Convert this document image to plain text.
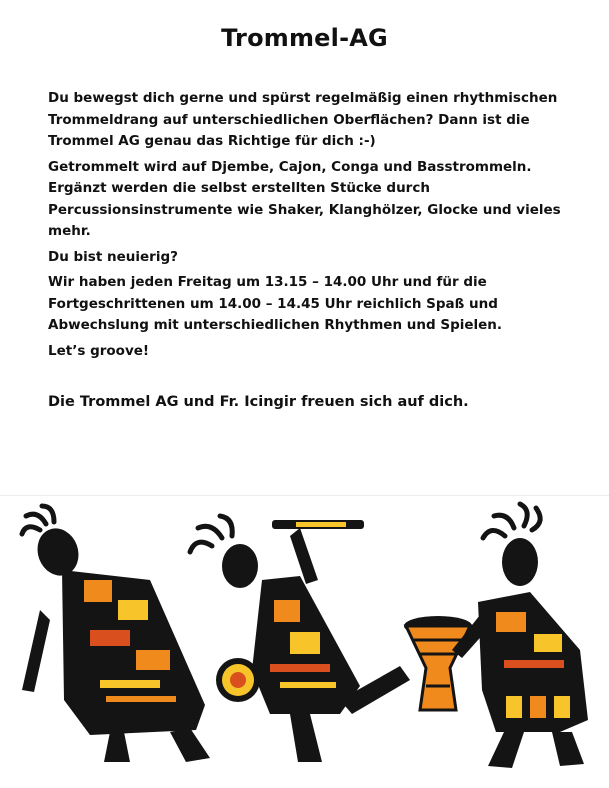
Trommel-AG

Du bewegst dich gerne und spürst regelmäßig einen rhythmischen Trommeldrang auf unterschiedlichen Oberflächen? Dann ist die Trommel AG genau das Richtige für dich :-)

Getrommelt wird auf Djembe, Cajon, Conga und Basstrommeln. Ergänzt werden die selbst erstellten Stücke durch Percussionsinstrumente wie Shaker, Klanghölzer, Glocke und vieles mehr.

Du bist neuierig?

Wir haben jeden Freitag um 13.15 – 14.00 Uhr und für die Fortgeschrittenen um 14.00 – 14.45 Uhr reichlich Spaß und Abwechslung mit unterschiedlichen Rhythmen und Spielen.

Let’s groove!

Die Trommel AG und Fr. Icingir freuen sich auf dich.
